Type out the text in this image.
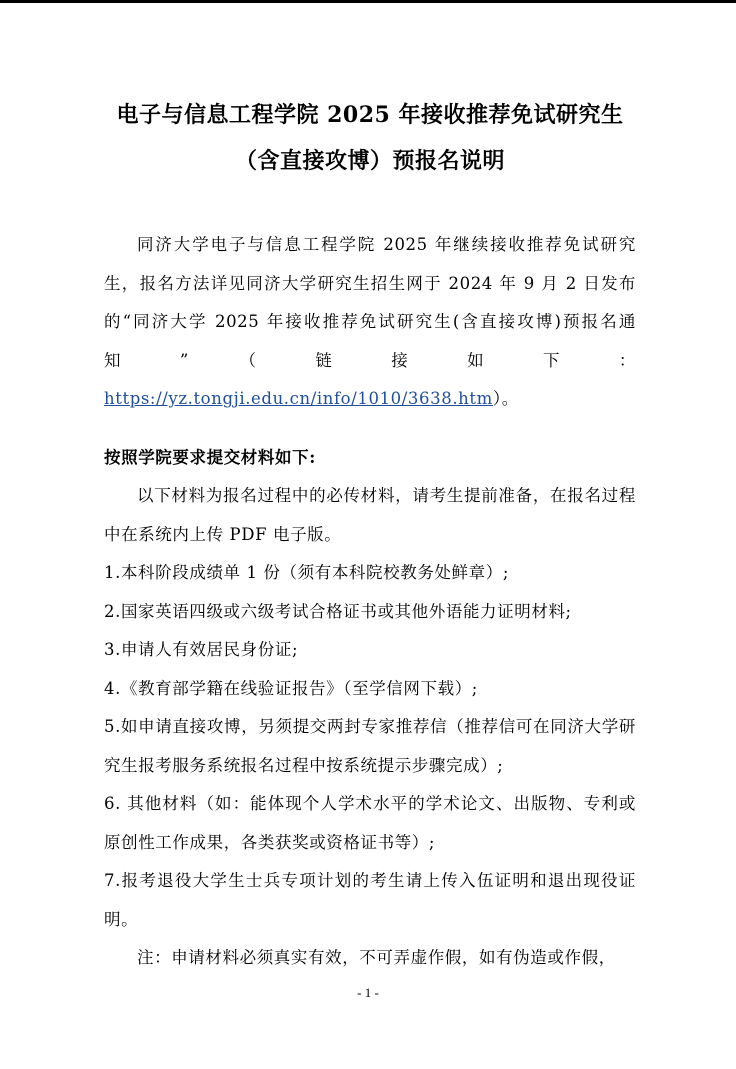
电子与信息工程学院 2025 年接收推荐免试研究生
（含直接攻博）预报名说明

同济大学电子与信息工程学院 2025 年继续接收推荐免试研究生，报名方法详见同济大学研究生招生网于 2024 年 9 月 2 日发布的“同济大学 2025 年接收推荐免试研究生(含直接攻博)预报名通知”（链接如下：https://yz.tongji.edu.cn/info/1010/3638.htm）。

按照学院要求提交材料如下:

以下材料为报名过程中的必传材料，请考生提前准备，在报名过程中在系统内上传 PDF 电子版。

1.本科阶段成绩单 1 份（须有本科院校教务处鲜章）;

2.国家英语四级或六级考试合格证书或其他外语能力证明材料;

3.申请人有效居民身份证;

4.《教育部学籍在线验证报告》（至学信网下载）;

5.如申请直接攻博，另须提交两封专家推荐信（推荐信可在同济大学研究生报考服务系统报名过程中按系统提示步骤完成）;

6. 其他材料（如：能体现个人学术水平的学术论文、出版物、专利或原创性工作成果，各类获奖或资格证书等）;

7.报考退役大学生士兵专项计划的考生请上传入伍证明和退出现役证明。

注：申请材料必须真实有效，不可弄虚作假，如有伪造或作假，

- 1 -
